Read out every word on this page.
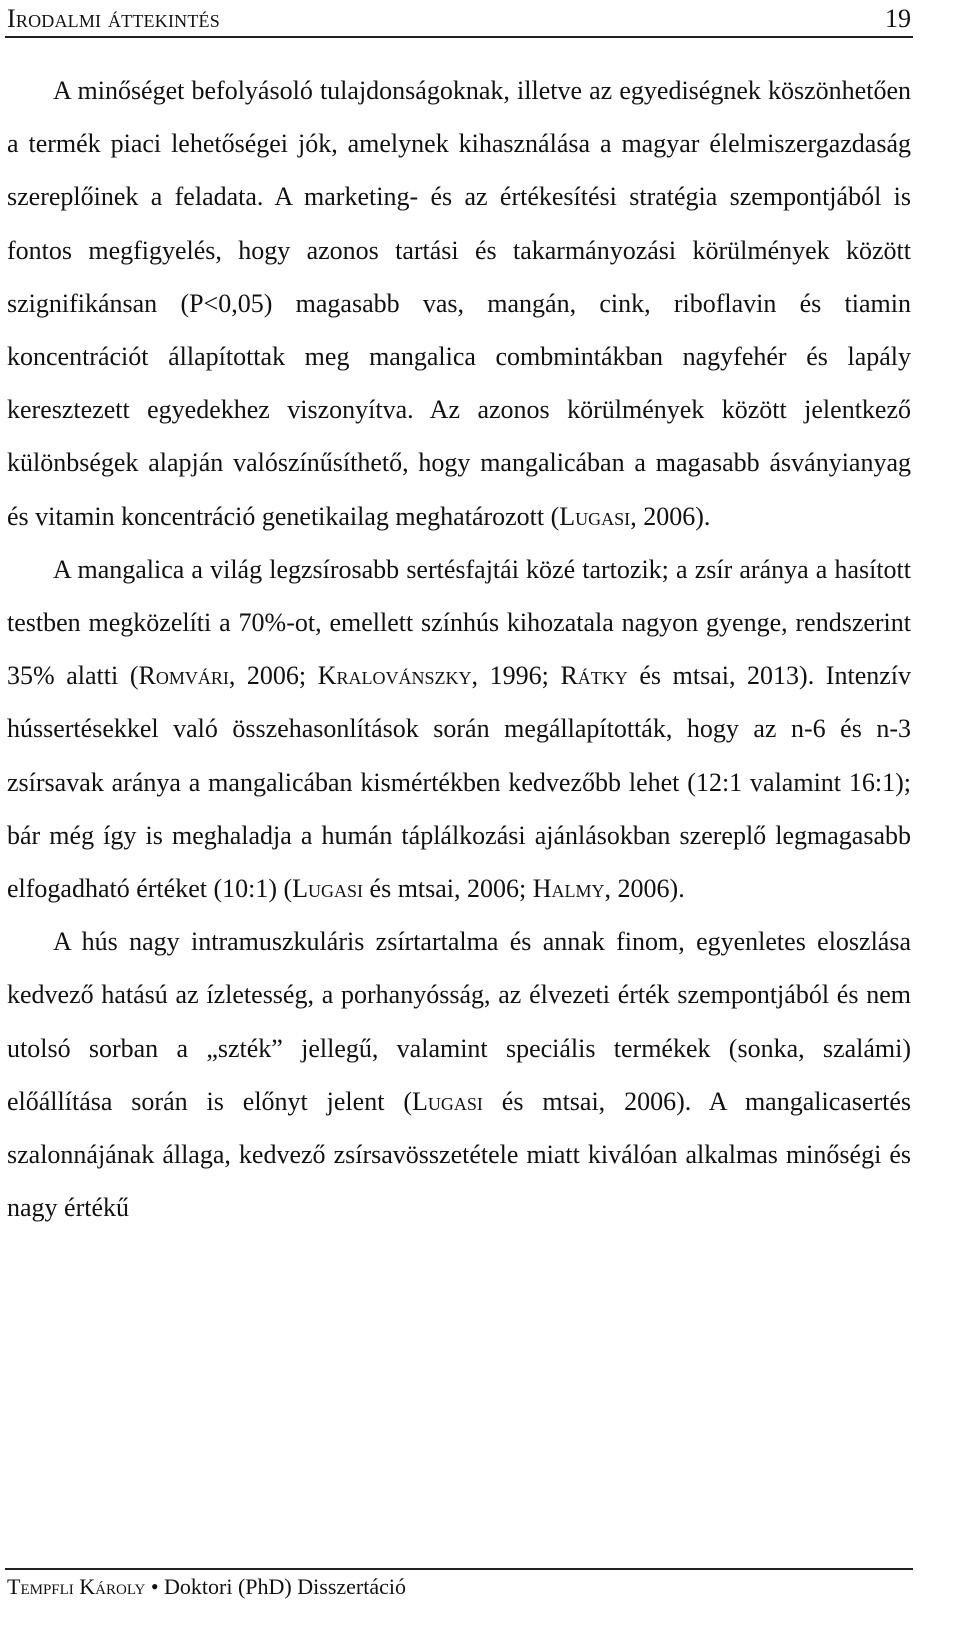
Irodalmi áttekintés	19

A minőséget befolyásoló tulajdonságoknak, illetve az egyediségnek köszönhetően a termék piaci lehetőségei jók, amelynek kihasználása a magyar élelmiszergazdaság szereplőinek a feladata. A marketing- és az értékesítési stratégia szempontjából is fontos megfigyelés, hogy azonos tartási és takarmányozási körülmények között szignifikánsan (P<0,05) magasabb vas, mangán, cink, riboflavin és tiamin koncentrációt állapítottak meg mangalica combmintákban nagyfehér és lapály keresztezett egyedekhez viszonyítva. Az azonos körülmények között jelentkező különbségek alapján valószínűsíthető, hogy mangalicában a magasabb ásványianyag és vitamin koncentráció genetikailag meghatározott (Lugasi, 2006).

A mangalica a világ legzsírosabb sertésfajtái közé tartozik; a zsír aránya a hasított testben megközelíti a 70%-ot, emellett színhús kihozatala nagyon gyenge, rendszerint 35% alatti (Romvári, 2006; Kralovánszky, 1996; Rátky és mtsai, 2013). Intenzív hússertésekkel való összehasonlítások során megállapították, hogy az n-6 és n-3 zsírsavak aránya a mangalicában kismértékben kedvezőbb lehet (12:1 valamint 16:1); bár még így is meghaladja a humán táplálkozási ajánlásokban szereplő legmagasabb elfogadható értéket (10:1) (Lugasi és mtsai, 2006; Halmy, 2006).

A hús nagy intramuszkuláris zsírtartalma és annak finom, egyenletes eloszlása kedvező hatású az ízletesség, a porhanyósság, az élvezeti érték szempontjából és nem utolsó sorban a „szték” jellegű, valamint speciális termékek (sonka, szalámi) előállítása során is előnyt jelent (Lugasi és mtsai, 2006). A mangalicasertés szalonnájának állaga, kedvező zsírsavösszetétele miatt kiválóan alkalmas minőségi és nagy értékű

Tempfli Károly • Doktori (PhD) Disszertáció
